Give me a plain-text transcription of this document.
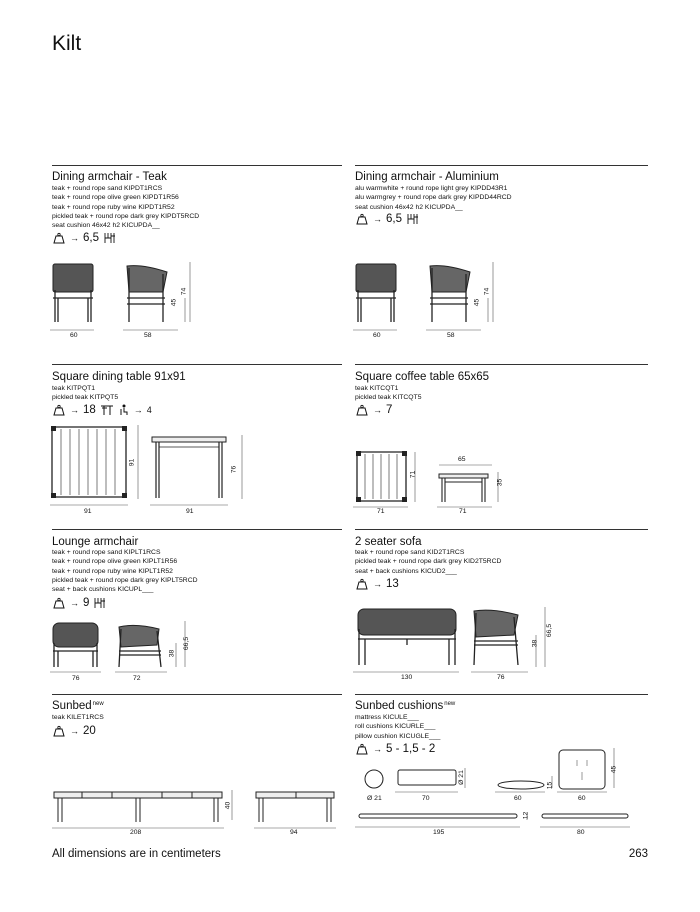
Kilt
Dining armchair - Teak
teak + round rope sand KIPDT1RCS
teak + round rope olive green KIPDT1R56
teak + round rope ruby wine KIPDT1R52
pickled teak + round rope dark grey KIPDT5RCD
seat cushion 46x42 h2 KICUPDA__
→ 6,5
60	58
45
74
Dining armchair - Aluminium
alu warmwhite + round rope light grey KIPDD43R1
alu warmgrey + round rope dark grey KIPDD44RCD
seat cushion 46x42 h2 KICUPDA__
→ 6,5
60	58
45
74
Square dining table 91x91
teak KITPQT1
pickled teak KITPQT5
→ 18	→ 4
91
91
91
76
Square coffee table 65x65
teak KITCQT1
pickled teak KITCQT5
→ 7
71
71
65
71
35
Lounge armchair
teak + round rope sand KIPLT1RCS
teak + round rope olive green KIPLT1R56
teak + round rope ruby wine KIPLT1R52
pickled teak + round rope dark grey KIPLT5RCD
seat + back cushions KICUPL___
→ 9
76	72
38
66,5
2 seater sofa
teak + round rope sand KID2T1RCS
pickled teak + round rope dark grey KID2T5RCD
seat + back cushions KICUD2___
→ 13
130	76
38
66,5
Sunbed$^{new}$
teak KILET1RCS
→ 20
208	94
40
Sunbed cushions$^{new}$
mattress KICULE___
roll cushions KICURLE___
pillow cushion KICUGLE___
→ 5 - 1,5 - 2
Ø 21	70
Ø 21
60
15
60
45
195
12
80
All dimensions are in centimeters	263
